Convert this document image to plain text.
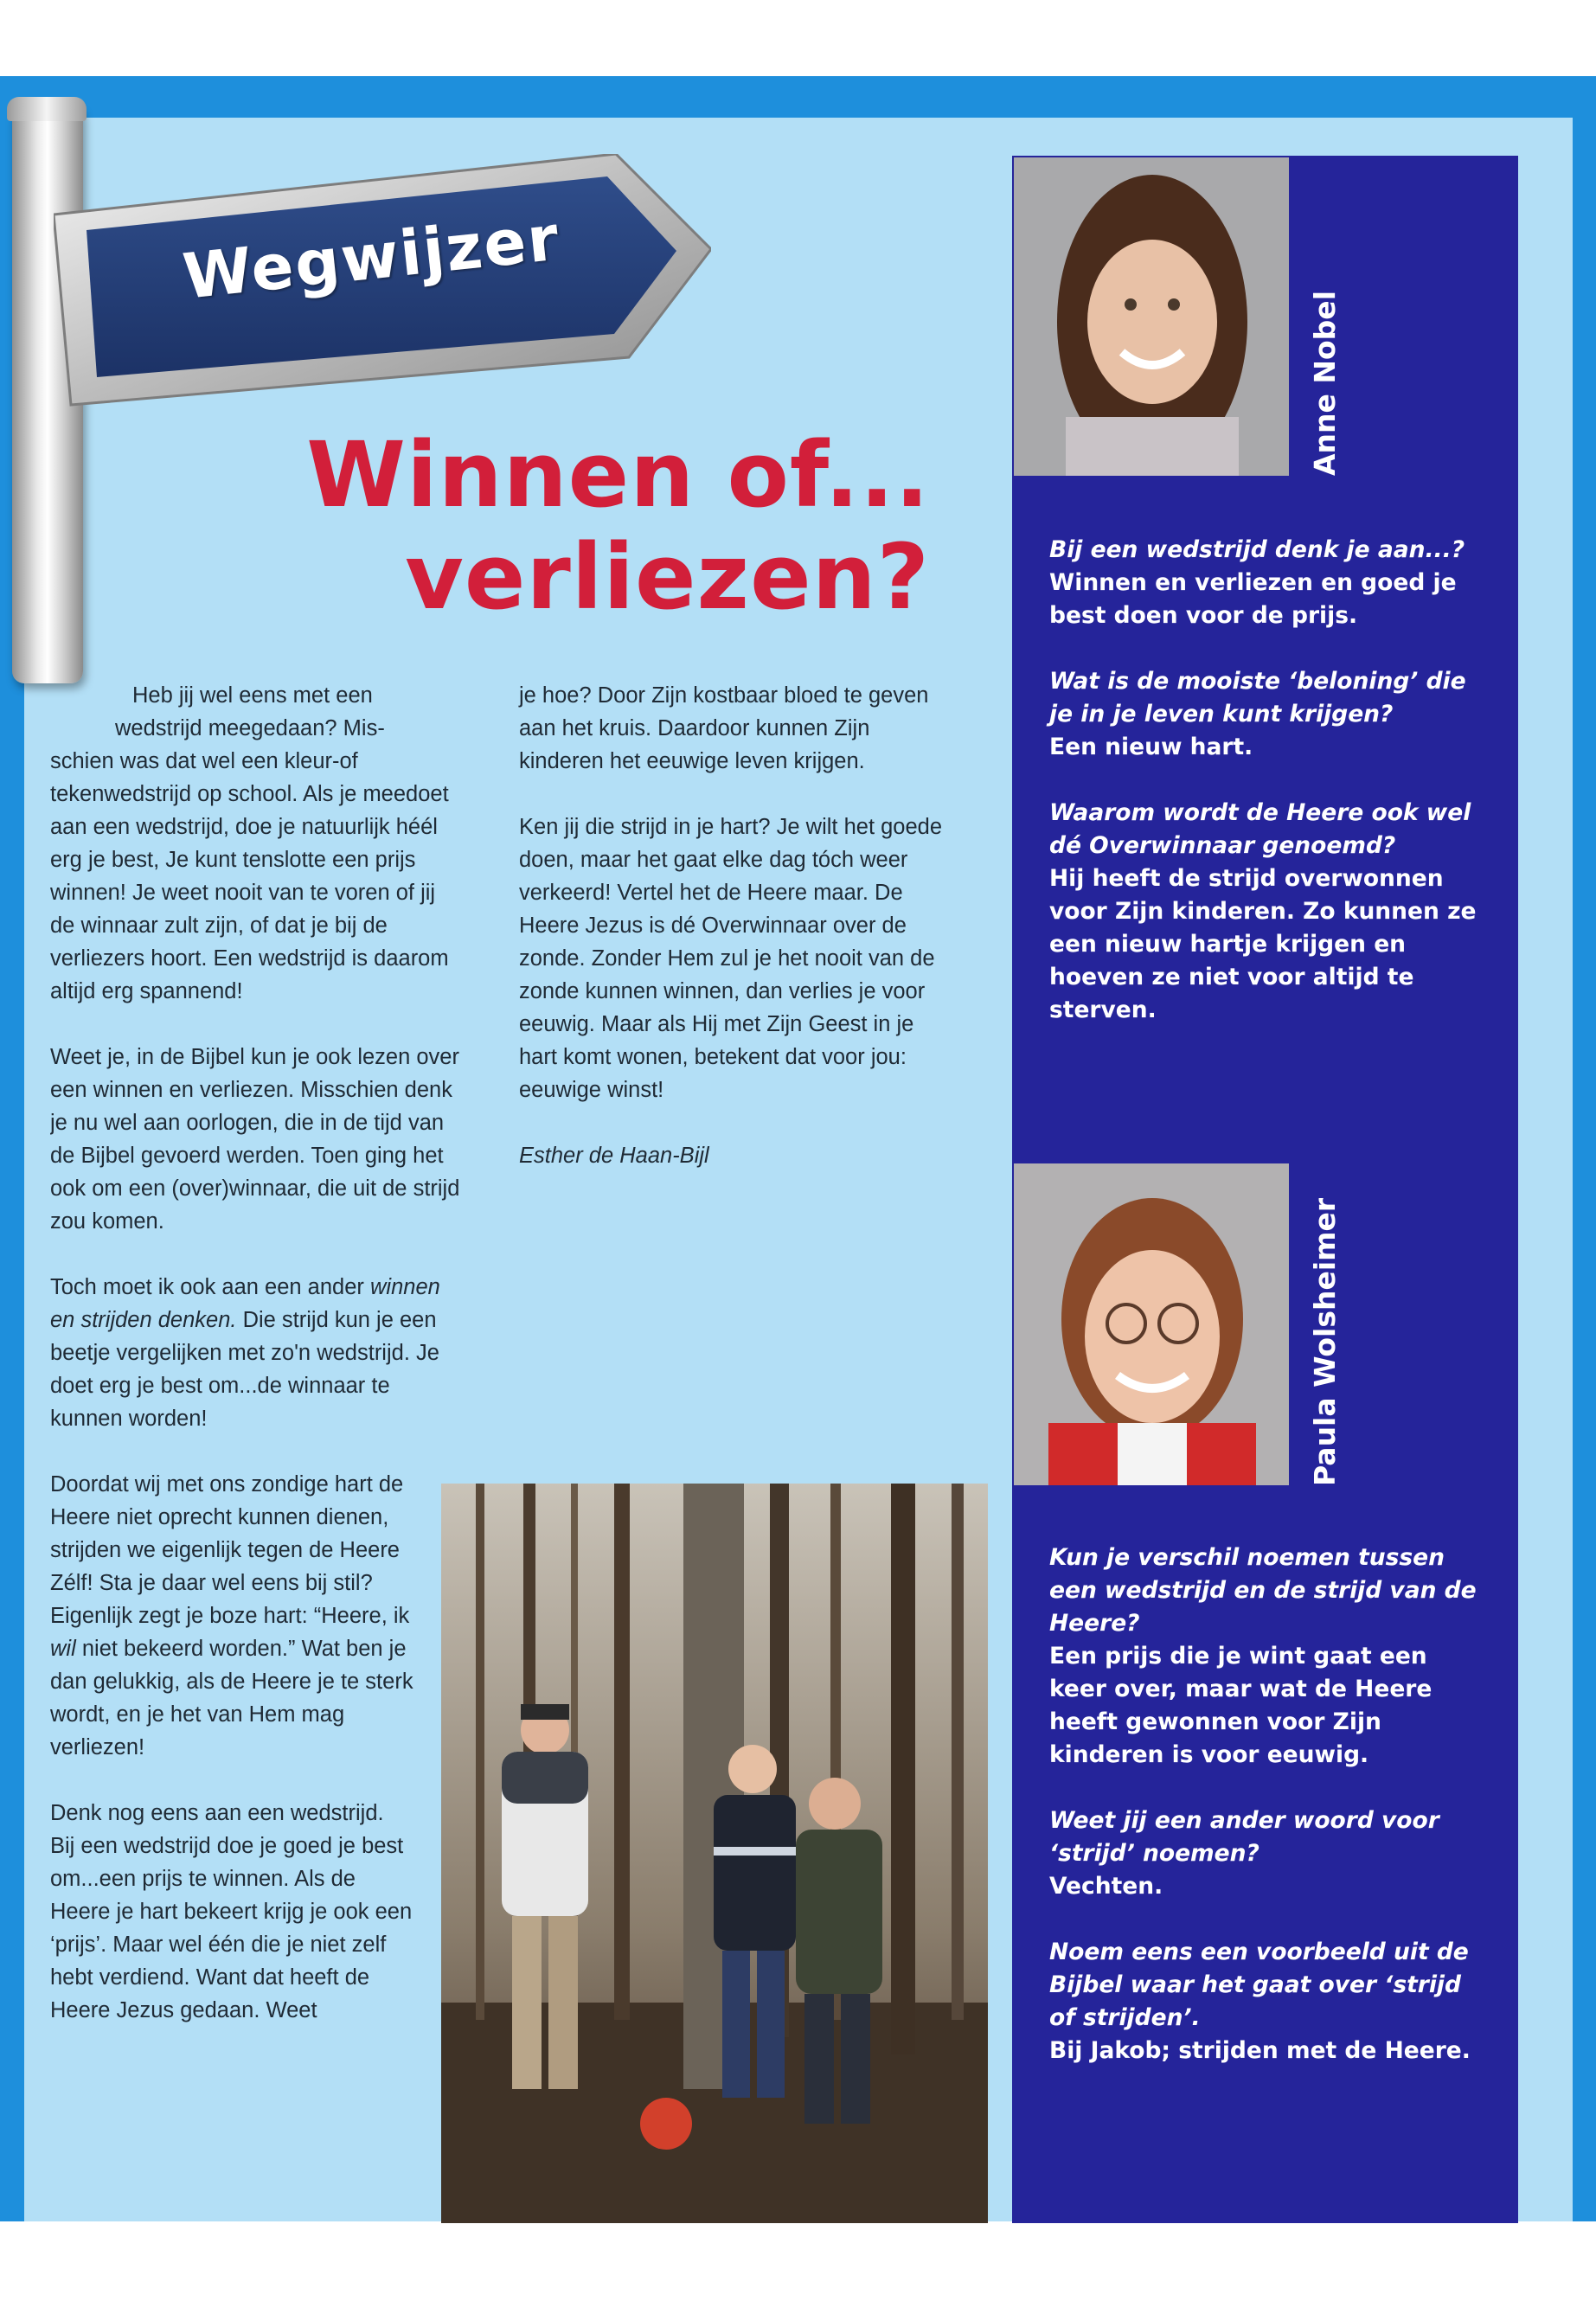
Wegwijzer
Winnen of...
verliezen?

Heb jij wel eens met een
wedstrijd meegedaan? Mis-
schien was dat wel een kleur-of tekenwedstrijd op school. Als je meedoet aan een wedstrijd, doe je natuurlijk héél erg je best, Je kunt tenslotte een prijs winnen! Je weet nooit van te voren of jij de winnaar zult zijn, of dat je bij de verliezers hoort. Een wedstrijd is daarom altijd erg spannend!

Weet je, in de Bijbel kun je ook lezen over een winnen en verliezen. Misschien denk je nu wel aan oorlogen, die in de tijd van de Bijbel gevoerd werden. Toen ging het ook om een (over)winnaar, die uit de strijd zou komen.

Toch moet ik ook aan een ander winnen en strijden denken. Die strijd kun je een beetje vergelijken met zo'n wedstrijd. Je doet erg je best om...de winnaar te kunnen worden!

Doordat wij met ons zondige hart de Heere niet oprecht kunnen dienen, strijden we eigenlijk tegen de Heere Zélf! Sta je daar wel eens bij stil? Eigenlijk zegt je boze hart: “Heere, ik wil niet bekeerd worden.” Wat ben je dan gelukkig, als de Heere je te sterk wordt, en je het van Hem mag verliezen!

Denk nog eens aan een wedstrijd. Bij een wedstrijd doe je goed je best om...een prijs te winnen. Als de Heere je hart bekeert krijg je ook een ‘prijs’. Maar wel één die je niet zelf hebt verdiend. Want dat heeft de Heere Jezus gedaan. Weet

je hoe? Door Zijn kostbaar bloed te geven aan het kruis. Daardoor kunnen Zijn kinderen het eeuwige leven krijgen.

Ken jij die strijd in je hart? Je wilt het goede doen, maar het gaat elke dag tóch weer verkeerd! Vertel het de Heere maar. De Heere Jezus is dé Overwinnaar over de zonde. Zonder Hem zul je het nooit van de zonde kunnen winnen, dan verlies je voor eeuwig. Maar als Hij met Zijn Geest in je hart komt wonen, betekent dat voor jou: eeuwige winst!

Esther de Haan-Bijl

Anne Nobel
Paula Wolsheimer
Bij een wedstrijd denk je aan...?
Winnen en verliezen en goed je best doen voor de prijs.
Wat is de mooiste ‘beloning’ die je in je leven kunt krijgen?
Een nieuw hart.
Waarom wordt de Heere ook wel dé Overwinnaar genoemd?
Hij heeft de strijd overwonnen voor Zijn kinderen. Zo kunnen ze een nieuw hartje krijgen en hoeven ze niet voor altijd te sterven.
Kun je verschil noemen tussen een wedstrijd en de strijd van de Heere?
Een prijs die je wint gaat een keer over, maar wat de Heere heeft gewonnen voor Zijn kinderen is voor eeuwig.
Weet jij een ander woord voor ‘strijd’ noemen?
Vechten.
Noem eens een voorbeeld uit de Bijbel waar het gaat over ‘strijd of strijden’.
Bij Jakob; strijden met de Heere.
